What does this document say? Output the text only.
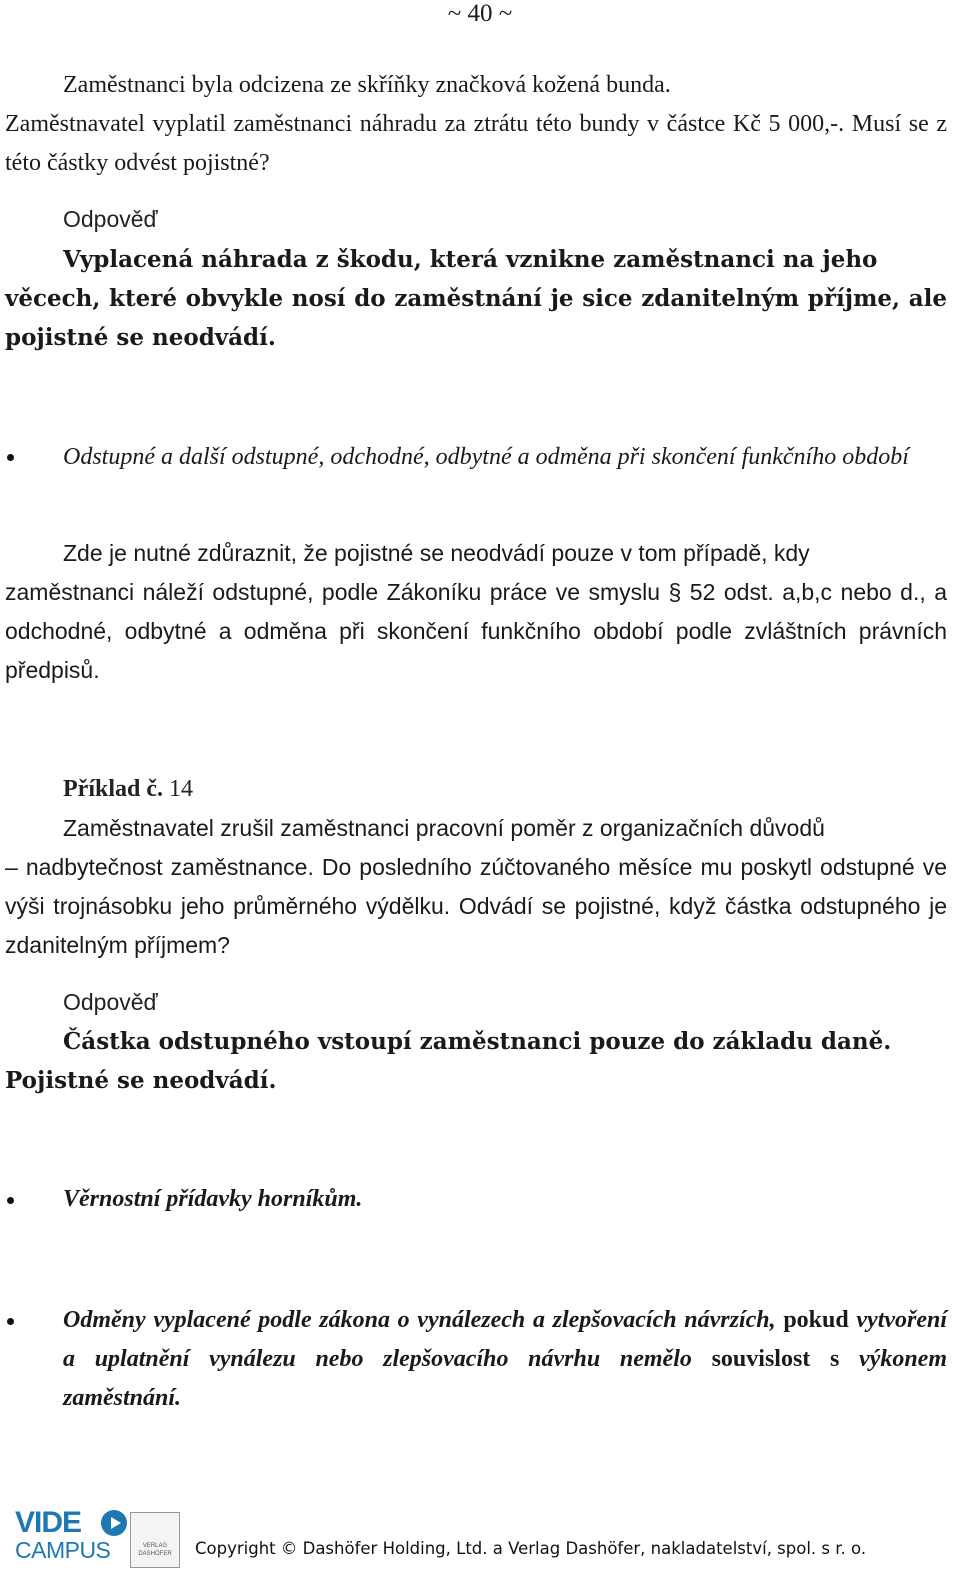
~ 40 ~

Zaměstnanci byla odcizena ze skříňky značková kožená bunda.

Zaměstnavatel vyplatil zaměstnanci náhradu za ztrátu této bundy v částce Kč 5 000,-. Musí se z této částky odvést pojistné?

Odpověď

Vyplacená náhrada z škodu, která vznikne zaměstnanci na jeho

věcech, které obvykle nosí do zaměstnání je sice zdanitelným příjme, ale pojistné se neodvádí.

Odstupné a další odstupné, odchodné, odbytné a odměna při skončení funkčního období

Zde je nutné zdůraznit, že pojistné se neodvádí pouze v tom případě, kdy

zaměstnanci náleží odstupné, podle Zákoníku práce ve smyslu § 52 odst. a,b,c nebo d., a odchodné, odbytné a odměna při skončení funkčního období podle zvláštních právních předpisů.

Příklad č. 14

Zaměstnavatel zrušil zaměstnanci pracovní poměr z organizačních důvodů

– nadbytečnost zaměstnance. Do posledního zúčtovaného měsíce mu poskytl odstupné ve výši trojnásobku jeho průměrného výdělku. Odvádí se pojistné, když částka odstupného je zdanitelným příjmem?

Odpověď

Částka odstupného vstoupí zaměstnanci pouze do základu daně.

Pojistné se neodvádí.

Věrnostní přídavky horníkům.

Odměny vyplacené podle zákona o vynálezech a zlepšovacích návrzích, pokud vytvoření a uplatnění vynálezu nebo zlepšovacího návrhu nemělo souvislost s výkonem zaměstnání.

VIDE
CAMPUS	VERLAG
DASHÖFER	Copyright © Dashöfer Holding, Ltd. a Verlag Dashöfer, nakladatelství, spol. s r. o.
